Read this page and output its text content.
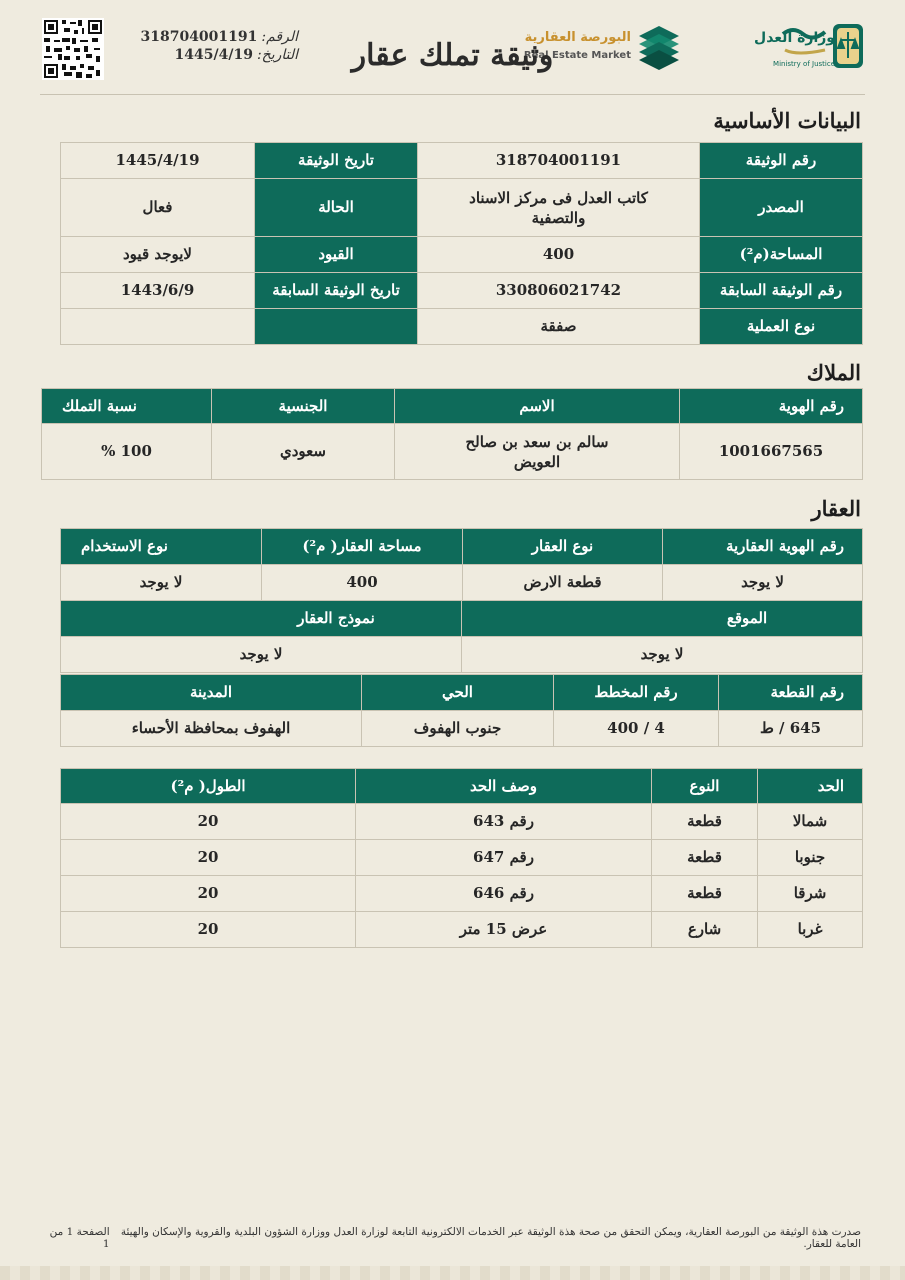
وزارة العدل
Ministry of Justice
البورصة العقارية
Real Estate Market
وثيقة تملك عقار
الرقم:
318704001191
التاريخ:
1445/4/19
البيانات الأساسية
رقم الوثيقة	318704001191	تاريخ الوثيقة	1445/4/19
المصدر	كاتب العدل فى مركز الاسناد والتصفية	الحالة	فعال
المساحة(م²)	400	القيود	لايوجد قيود
رقم الوثيقة السابقة	330806021742	تاريخ الوثيقة السابقة	1443/6/9
نوع العملية	صفقة		
الملاك
رقم الهوية	الاسم	الجنسية	نسبة التملك
1001667565	سالم بن سعد بن صالح العويض	سعودي	100 %
العقار
رقم الهوية العقارية	نوع العقار	مساحة العقار( م²)	نوع الاستخدام
لا يوجد	قطعة الارض	400	لا يوجد
الموقع	نموذج العقار
لا يوجد	لا يوجد
رقم القطعة	رقم المخطط	الحي	المدينة
645 / ط	4 / 400	جنوب الهفوف	الهفوف بمحافظة الأحساء
الحد	النوع	وصف الحد	الطول( م²)
شمالا	قطعة	رقم 643	20
جنوبا	قطعة	رقم 647	20
شرقا	قطعة	رقم 646	20
غربا	شارع	عرض 15 متر	20
صدرت هذة الوثيقة من البورصة العقارية، ويمكن التحقق من صحة هذة الوثيقة عبر الخدمات الالكترونية التابعة لوزارة العدل ووزارة الشؤون البلدية والقروية والإسكان والهيئة العامة للعقار.
الصفحة 1 من 1
